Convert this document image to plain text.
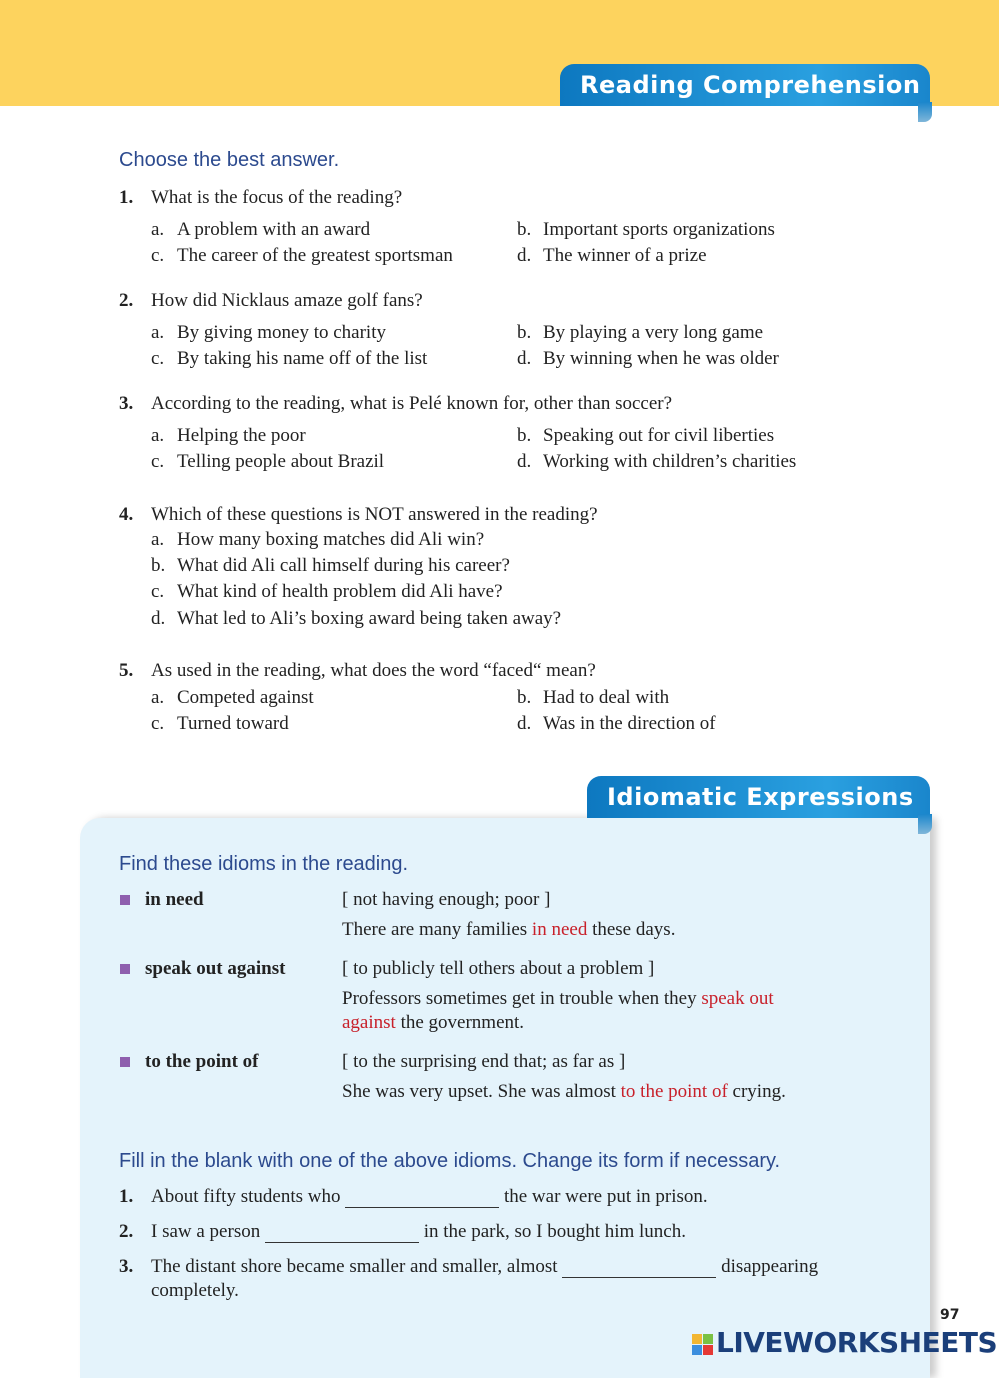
Reading Comprehension
Choose the best answer.
1. What is the focus of the reading?
a. A problem with an award	b. Important sports organizations
c. The career of the greatest sportsman	d. The winner of a prize
2. How did Nicklaus amaze golf fans?
a. By giving money to charity	b. By playing a very long game
c. By taking his name off of the list	d. By winning when he was older
3. According to the reading, what is Pelé known for, other than soccer?
a. Helping the poor	b. Speaking out for civil liberties
c. Telling people about Brazil	d. Working with children’s charities
4. Which of these questions is NOT answered in the reading?
a. How many boxing matches did Ali win?
b. What did Ali call himself during his career?
c. What kind of health problem did Ali have?
d. What led to Ali’s boxing award being taken away?
5. As used in the reading, what does the word “faced“ mean?
a. Competed against	b. Had to deal with
c. Turned toward	d. Was in the direction of
Idiomatic Expressions
Find these idioms in the reading.
in need	[ not having enough; poor ]
There are many families in need these days.
speak out against	[ to publicly tell others about a problem ]
Professors sometimes get in trouble when they speak out
against the government.
to the point of	[ to the surprising end that; as far as ]
She was very upset. She was almost to the point of crying.
Fill in the blank with one of the above idioms. Change its form if necessary.
1. About fifty students who	the war were put in prison.
2. I saw a person	in the park, so I bought him lunch.
3. The distant shore became smaller and smaller, almost	disappearing
completely.
97
LIVEWORKSHEETS
